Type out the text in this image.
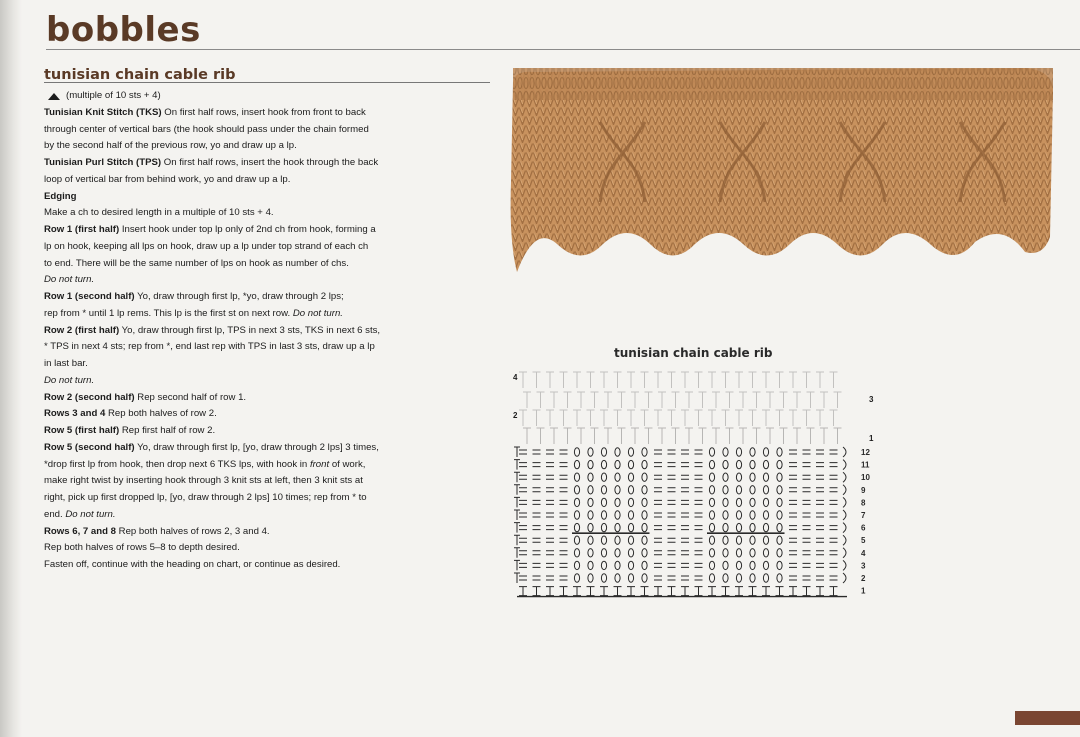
bobbles
tunisian chain cable rib

(multiple of 10 sts + 4)

Tunisian Knit Stitch (TKS) On first half rows, insert hook from front to back

through center of vertical bars (the hook should pass under the chain formed

by the second half of the previous row, yo and draw up a lp.

Tunisian Purl Stitch (TPS) On first half rows, insert the hook through the back

loop of vertical bar from behind work, yo and draw up a lp.

Edging

Make a ch to desired length in a multiple of 10 sts + 4.

Row 1 (first half) Insert hook under top lp only of 2nd ch from hook, forming a

lp on hook, keeping all lps on hook, draw up a lp under top strand of each ch

to end. There will be the same number of lps on hook as number of chs.

Do not turn.

Row 1 (second half) Yo, draw through first lp, *yo, draw through 2 lps;

rep from * until 1 lp rems. This lp is the first st on next row. Do not turn.

Row 2 (first half) Yo, draw through first lp, TPS in next 3 sts, TKS in next 6 sts,

* TPS in next 4 sts; rep from *, end last rep with TPS in last 3 sts, draw up a lp

in last bar.

Do not turn.

Row 2 (second half) Rep second half of row 1.

Rows 3 and 4 Rep both halves of row 2.

Row 5 (first half) Rep first half of row 2.

Row 5 (second half) Yo, draw through first lp, [yo, draw through 2 lps] 3 times,

*drop first lp from hook, then drop next 6 TKS lps, with hook in front of work,

make right twist by inserting hook through 3 knit sts at left, then 3 knit sts at

right, pick up first dropped lp, [yo, draw through 2 lps] 10 times; rep from * to

end. Do not turn.

Rows 6, 7 and 8 Rep both halves of rows 2, 3 and 4.

Rep both halves of rows 5–8 to depth desired.

Fasten off, continue with the heading on chart, or continue as desired.

tunisian chain cable rib
4
2
3
1
12
11
10
9
8
7
6
5
4
3
2
1
